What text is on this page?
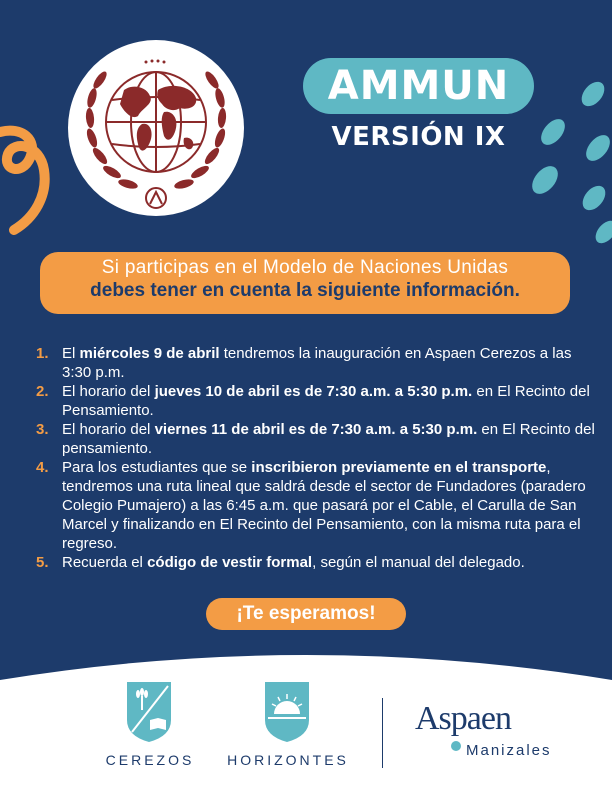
AMMUN
VERSIÓN IX
Si participas en el Modelo de Naciones Unidas
debes tener en cuenta la siguiente información.
1. El miércoles 9 de abril tendremos la inauguración en Aspaen Cerezos a las 3:30 p.m.
2. El horario del jueves 10 de abril es de 7:30 a.m. a 5:30 p.m. en El Recinto del Pensamiento.
3. El horario del viernes 11 de abril es de 7:30 a.m. a 5:30 p.m. en El Recinto del pensamiento.
4. Para los estudiantes que se inscribieron previamente en el transporte, tendremos una ruta lineal que saldrá desde el sector de Fundadores (paradero Colegio Pumajero) a las 6:45 a.m. que pasará por el Cable, el Carulla de San Marcel y finalizando en El Recinto del Pensamiento, con la misma ruta para el regreso.
5. Recuerda el código de vestir formal, según el manual del delegado.
¡Te esperamos!
CEREZOS	HORIZONTES
Aspaen
Manizales
